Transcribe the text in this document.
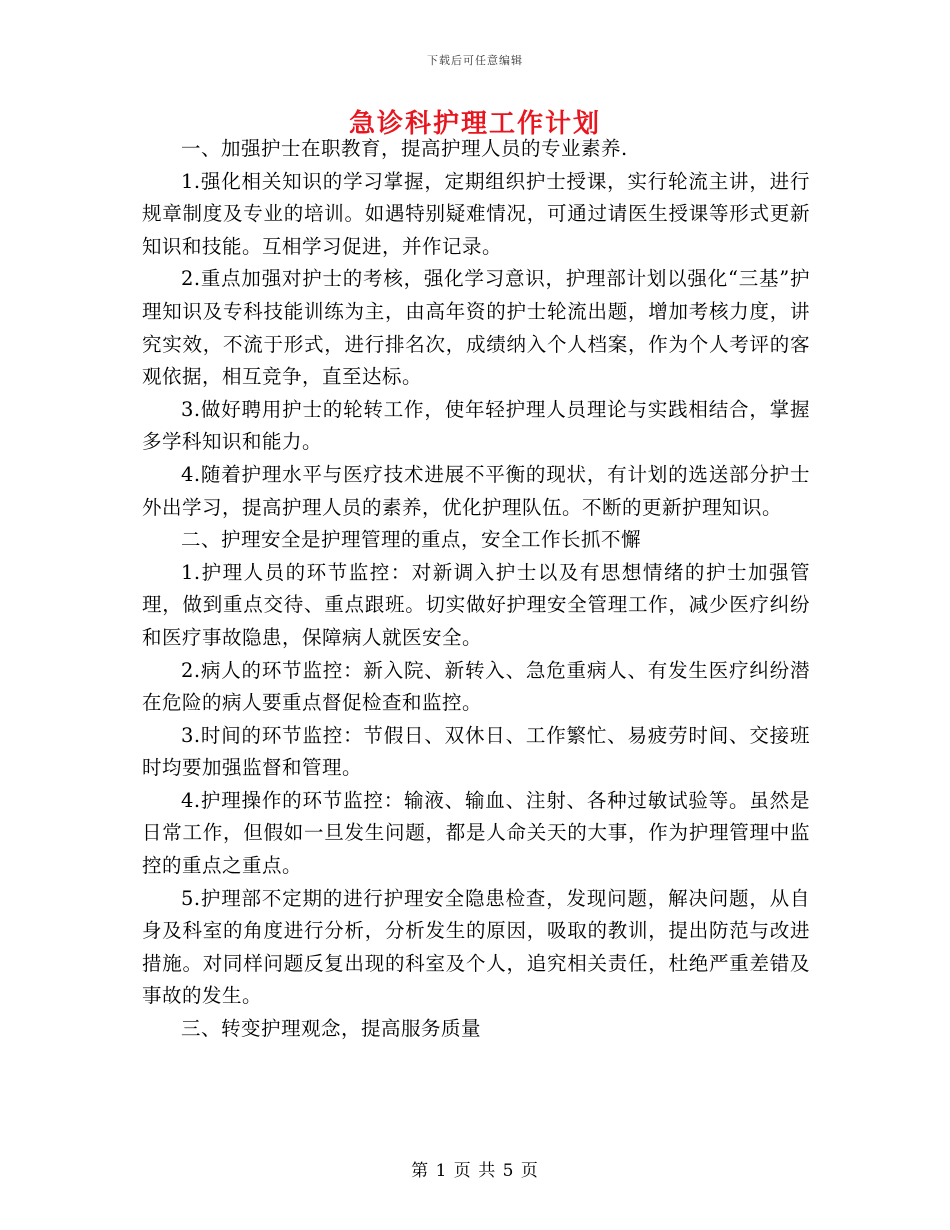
下载后可任意编辑
急诊科护理工作计划

一、加强护士在职教育，提高护理人员的专业素养.

1.强化相关知识的学习掌握，定期组织护士授课，实行轮流主讲，进行规章制度及专业的培训。如遇特别疑难情况，可通过请医生授课等形式更新知识和技能。互相学习促进，并作记录。

2.重点加强对护士的考核，强化学习意识，护理部计划以强化“三基”护理知识及专科技能训练为主，由高年资的护士轮流出题，增加考核力度，讲究实效，不流于形式，进行排名次，成绩纳入个人档案，作为个人考评的客观依据，相互竞争，直至达标。

3.做好聘用护士的轮转工作，使年轻护理人员理论与实践相结合，掌握多学科知识和能力。

4.随着护理水平与医疗技术进展不平衡的现状，有计划的选送部分护士外出学习，提高护理人员的素养，优化护理队伍。不断的更新护理知识。

二、护理安全是护理管理的重点，安全工作长抓不懈

1.护理人员的环节监控：对新调入护士以及有思想情绪的护士加强管理，做到重点交待、重点跟班。切实做好护理安全管理工作，减少医疗纠纷和医疗事故隐患，保障病人就医安全。

2.病人的环节监控：新入院、新转入、急危重病人、有发生医疗纠纷潜在危险的病人要重点督促检查和监控。

3.时间的环节监控：节假日、双休日、工作繁忙、易疲劳时间、交接班时均要加强监督和管理。

4.护理操作的环节监控：输液、输血、注射、各种过敏试验等。虽然是日常工作，但假如一旦发生问题，都是人命关天的大事，作为护理管理中监控的重点之重点。

5.护理部不定期的进行护理安全隐患检查，发现问题，解决问题，从自身及科室的角度进行分析，分析发生的原因，吸取的教训，提出防范与改进措施。对同样问题反复出现的科室及个人，追究相关责任，杜绝严重差错及事故的发生。

三、转变护理观念，提高服务质量

第 1 页 共 5 页
